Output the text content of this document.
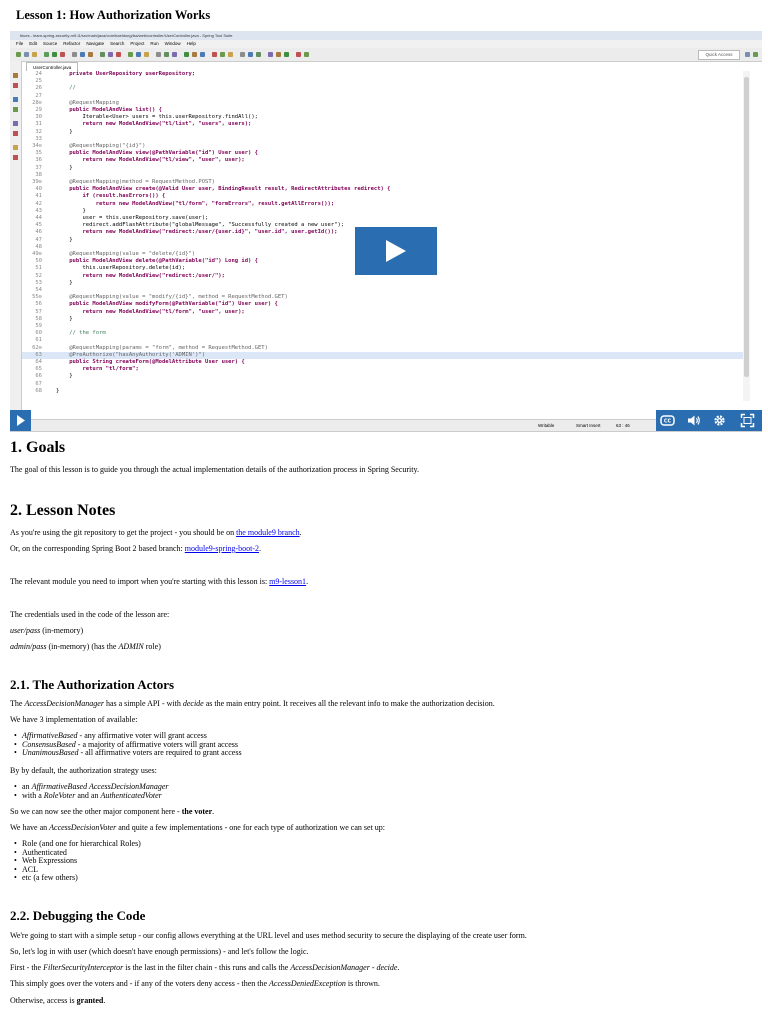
Lesson 1: How Authorization Works
blues - learn-spring-security-m9-l1/src/main/java/com/baeldung/lss/web/controller/UserController.java - Spring Tool Suite
File Edit Source Refactor Navigate Search Project Run Window Help
Quick Access
UserController.java
24	private UserRepository userRepository;
25
26	//
27
28⊖	@RequestMapping
29	public ModelAndView list() {
30	Iterable<User> users = this.userRepository.findAll();
31	return new ModelAndView("tl/list", "users", users);
32	}
33
34⊖	@RequestMapping("{id}")
35	public ModelAndView view(@PathVariable("id") User user) {
36	return new ModelAndView("tl/view", "user", user);
37	}
38
39⊖	@RequestMapping(method = RequestMethod.POST)
40	public ModelAndView create(@Valid User user, BindingResult result, RedirectAttributes redirect) {
41	if (result.hasErrors()) {
42	return new ModelAndView("tl/form", "formErrors", result.getAllErrors());
43	}
44	user = this.userRepository.save(user);
45	redirect.addFlashAttribute("globalMessage", "Successfully created a new user");
46	return new ModelAndView("redirect:/user/{user.id}", "user.id", user.getId());
47	}
48
49⊖	@RequestMapping(value = "delete/{id}")
50	public ModelAndView delete(@PathVariable("id") Long id) {
51	this.userRepository.delete(id);
52	return new ModelAndView("redirect:/user/");
53	}
54
55⊖	@RequestMapping(value = "modify/{id}", method = RequestMethod.GET)
56	public ModelAndView modifyForm(@PathVariable("id") User user) {
57	return new ModelAndView("tl/form", "user", user);
58	}
59
60	// the form
61
62⊖	@RequestMapping(params = "form", method = RequestMethod.GET)
63	@PreAuthorize("hasAnyAuthority('ADMIN')")
64	public String createForm(@ModelAttribute User user) {
65	return "tl/form";
66	}
67
68	}
Writable	Smart Insert	63 : 46
CC
1. Goals
The goal of this lesson is to guide you through the actual implementation details of the authorization process in Spring Security.
2. Lesson Notes
As you're using the git repository to get the project - you should be on the module9 branch.
Or, on the corresponding Spring Boot 2 based branch: module9-spring-boot-2.
The relevant module you need to import when you're starting with this lesson is: m9-lesson1.
The credentials used in the code of the lesson are:
user/pass (in-memory)
admin/pass (in-memory) (has the ADMIN role)
2.1. The Authorization Actors
The AccessDecisionManager has a simple API - with decide as the main entry point. It receives all the relevant info to make the authorization decision.
We have 3 implementation of available:
• AffirmativeBased - any affirmative voter will grant access
• ConsensusBased - a majority of affirmative voters will grant access
• UnanimousBased - all affirmative voters are required to grant access
By by default, the authorization strategy uses:
• an AffirmativeBased AccessDecisionManager
• with a RoleVoter and an AuthenticatedVoter
So we can now see the other major component here - the voter.
We have an AccessDecisionVoter and quite a few implementations - one for each type of authorization we can set up:
• Role (and one for hierarchical Roles)
• Authenticated
• Web Expressions
• ACL
• etc (a few others)
2.2. Debugging the Code
We're going to start with a simple setup - our config allows everything at the URL level and uses method security to secure the displaying of the create user form.
So, let's log in with user (which doesn't have enough permissions) - and let's follow the logic.
First - the FilterSecurityInterceptor is the last in the filter chain - this runs and calls the AccessDecisionManager - decide.
This simply goes over the voters and - if any of the voters deny access - then the AccessDeniedException is thrown.
Otherwise, access is granted.
